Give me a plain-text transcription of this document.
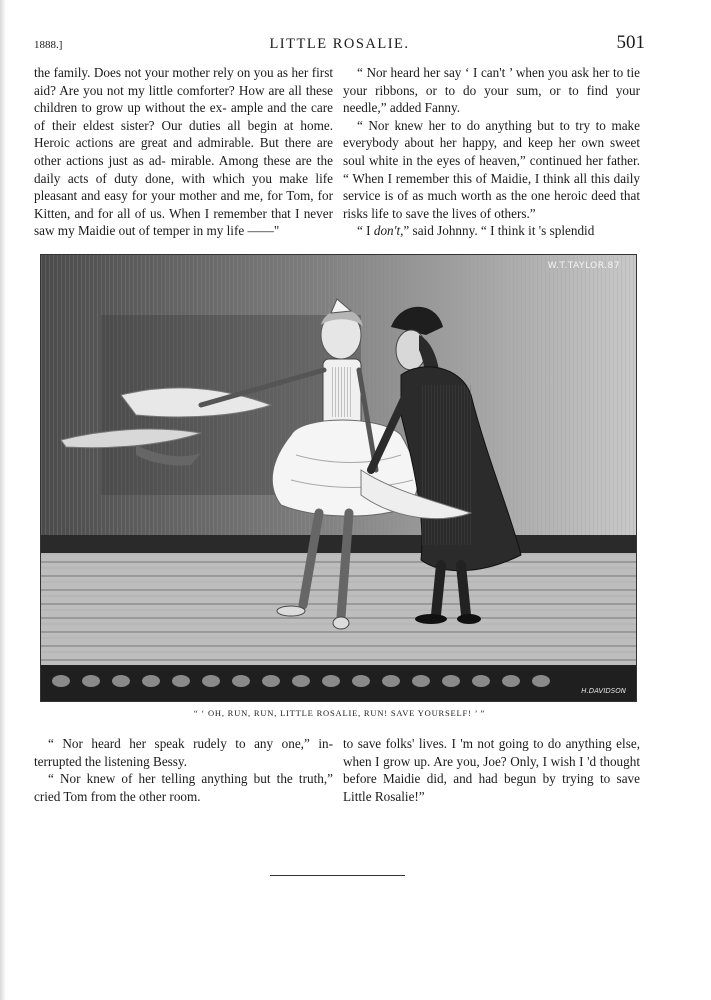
1888.]	LITTLE ROSALIE.	501

the family. Does not your mother rely on you as her first aid? Are you not my little comforter? How are all these children to grow up without the ex- ample and the care of their eldest sister? Our duties all begin at home. Heroic actions are great and admirable. But there are other actions just as ad- mirable. Among these are the daily acts of duty done, with which you make life pleasant and easy for your mother and me, for Tom, for Kitten, and for all of us. When I remember that I never saw my Maidie out of temper in my life ——"

“ Nor heard her say ‘ I can't ’ when you ask her to tie your ribbons, or to do your sum, or to find your needle,” added Fanny.

“ Nor knew her to do anything but to try to make everybody about her happy, and keep her own sweet soul white in the eyes of heaven,” continued her father. “ When I remember this of Maidie, I think all this daily service is of as much worth as the one heroic deed that risks life to save the lives of others.”

“ I don't,” said Johnny. “ I think it 's splendid

W.T.TAYLOR.87
H.DAVIDSON
“ ‘ OH, RUN, RUN, LITTLE ROSALIE, RUN! SAVE YOURSELF! ’ ”

“ Nor heard her speak rudely to any one,” in- terrupted the listening Bessy.

“ Nor knew of her telling anything but the truth,” cried Tom from the other room.

to save folks' lives. I 'm not going to do anything else, when I grow up. Are you, Joe? Only, I wish I 'd thought before Maidie did, and had begun by trying to save Little Rosalie!”
